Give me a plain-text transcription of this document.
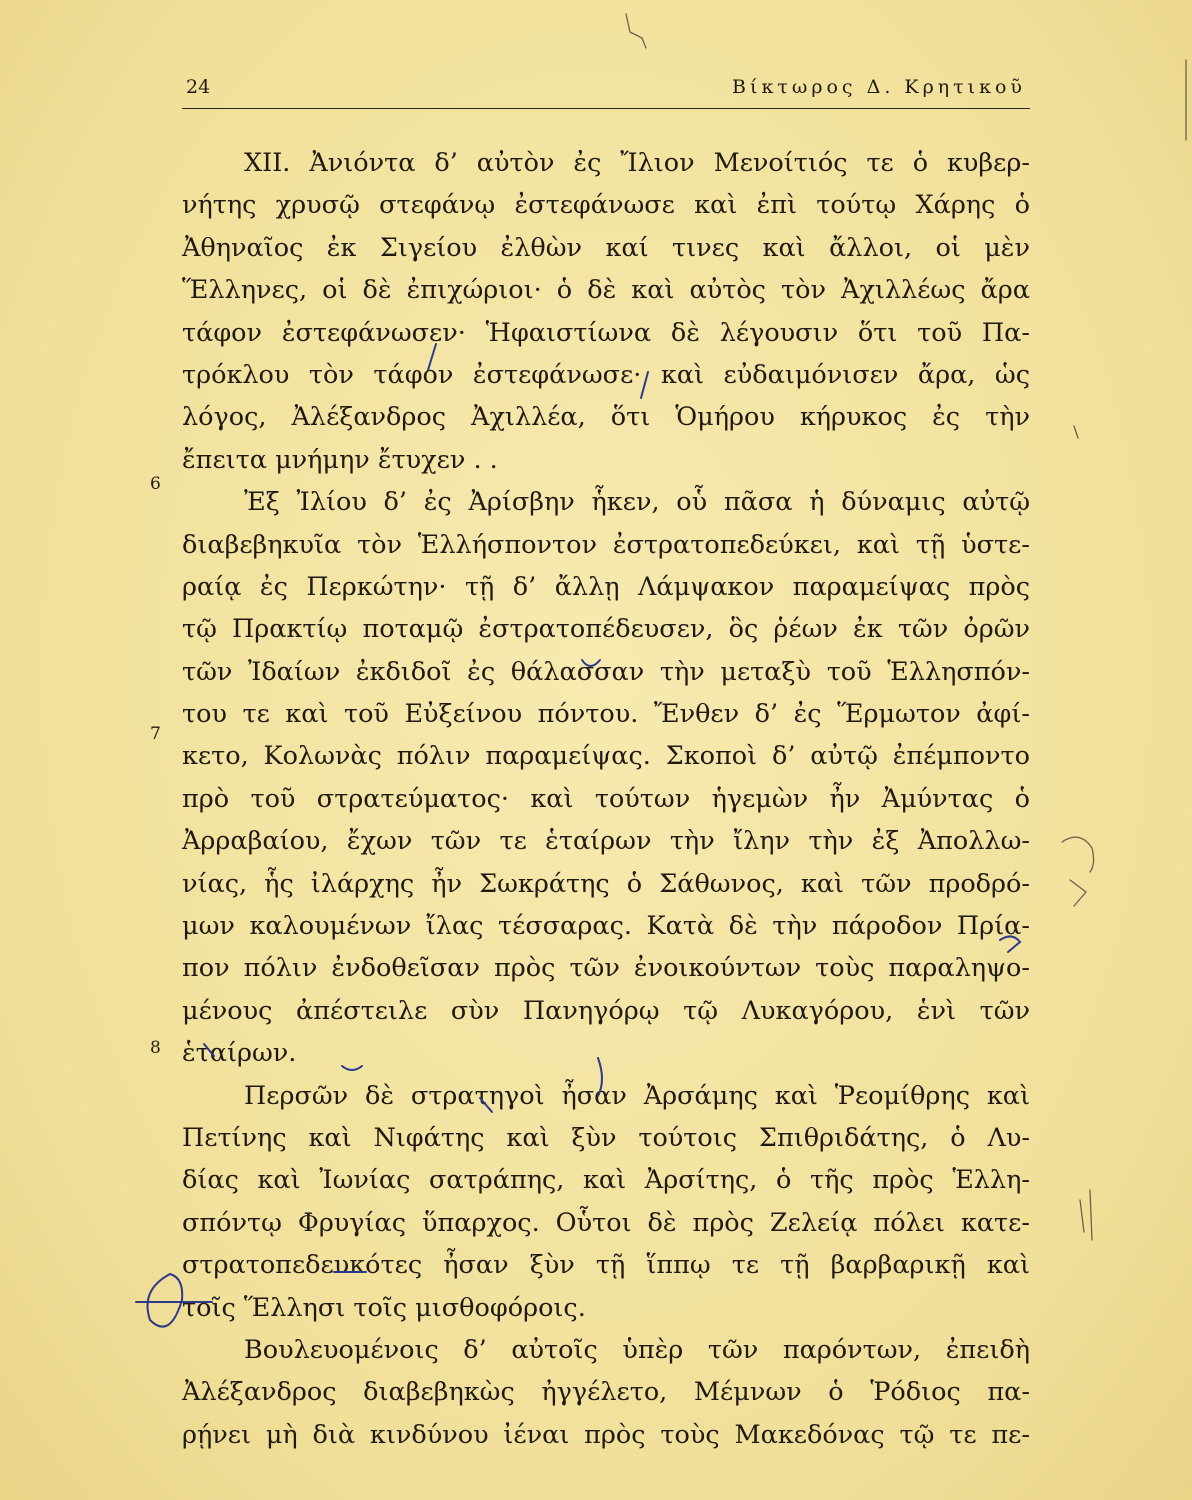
24	Βίκτωρος Δ. Κρητικοῦ
6
7
8
XII. Ἀνιόντα δ’ αὐτὸν ἐς Ἴλιον Μενοίτιός τε ὁ κυβερ-
νήτης χρυσῷ στεφάνῳ ἐστεφάνωσε καὶ ἐπὶ τούτῳ Χάρης ὁ
Ἀθηναῖος ἐκ Σιγείου ἐλθὼν καί τινες καὶ ἄλλοι, οἱ μὲν
Ἕλληνες, οἱ δὲ ἐπιχώριοι· ὁ δὲ καὶ αὐτὸς τὸν Ἀχιλλέως ἄρα
τάφον ἐστεφάνωσεν· Ἡφαιστίωνα δὲ λέγουσιν ὅτι τοῦ Πα-
τρόκλου τὸν τάφον ἐστεφάνωσε· καὶ εὐδαιμόνισεν ἄρα, ὡς
λόγος, Ἀλέξανδρος Ἀχιλλέα, ὅτι Ὁμήρου κήρυκος ἐς τὴν
ἔπειτα μνήμην ἔτυχεν . .
Ἐξ Ἰλίου δ’ ἐς Ἀρίσβην ἧκεν, οὗ πᾶσα ἡ δύναμις αὐτῷ
διαβεβηκυῖα τὸν Ἑλλήσποντον ἐστρατοπεδεύκει, καὶ τῇ ὑστε-
ραίᾳ ἐς Περκώτην· τῇ δ’ ἄλλῃ Λάμψακον παραμείψας πρὸς
τῷ Πρακτίῳ ποταμῷ ἐστρατοπέδευσεν, ὃς ῥέων ἐκ τῶν ὀρῶν
τῶν Ἰδαίων ἐκδιδοῖ ἐς θάλασσαν τὴν μεταξὺ τοῦ Ἑλλησπόν-
του τε καὶ τοῦ Εὐξείνου πόντου. Ἔνθεν δ’ ἐς Ἕρμωτον ἀφί-
κετο, Κολωνὰς πόλιν παραμείψας. Σκοποὶ δ’ αὐτῷ ἐπέμποντο
πρὸ τοῦ στρατεύματος· καὶ τούτων ἡγεμὼν ἦν Ἀμύντας ὁ
Ἀρραβαίου, ἔχων τῶν τε ἑταίρων τὴν ἴλην τὴν ἐξ Ἀπολλω-
νίας, ἧς ἰλάρχης ἦν Σωκράτης ὁ Σάθωνος, καὶ τῶν προδρό-
μων καλουμένων ἴλας τέσσαρας. Κατὰ δὲ τὴν πάροδον Πρία-
πον πόλιν ἐνδοθεῖσαν πρὸς τῶν ἐνοικούντων τοὺς παραληψο-
μένους ἀπέστειλε σὺν Πανηγόρῳ τῷ Λυκαγόρου, ἑνὶ τῶν
ἑταίρων.
Περσῶν δὲ στρατηγοὶ ἦσαν Ἀρσάμης καὶ Ῥεομίθρης καὶ
Πετίνης καὶ Νιφάτης καὶ ξὺν τούτοις Σπιθριδάτης, ὁ Λυ-
δίας καὶ Ἰωνίας σατράπης, καὶ Ἀρσίτης, ὁ τῆς πρὸς Ἑλλη-
σπόντῳ Φρυγίας ὕπαρχος. Οὗτοι δὲ πρὸς Ζελείᾳ πόλει κατε-
στρατοπεδευκότες ἦσαν ξὺν τῇ ἵππῳ τε τῇ βαρβαρικῇ καὶ
τοῖς Ἕλλησι τοῖς μισθοφόροις.
Βουλευομένοις δ’ αὐτοῖς ὑπὲρ τῶν παρόντων, ἐπειδὴ
Ἀλέξανδρος διαβεβηκὼς ἠγγέλετο, Μέμνων ὁ Ῥόδιος πα-
ρῄνει μὴ διὰ κινδύνου ἰέναι πρὸς τοὺς Μακεδόνας τῷ τε πε-
